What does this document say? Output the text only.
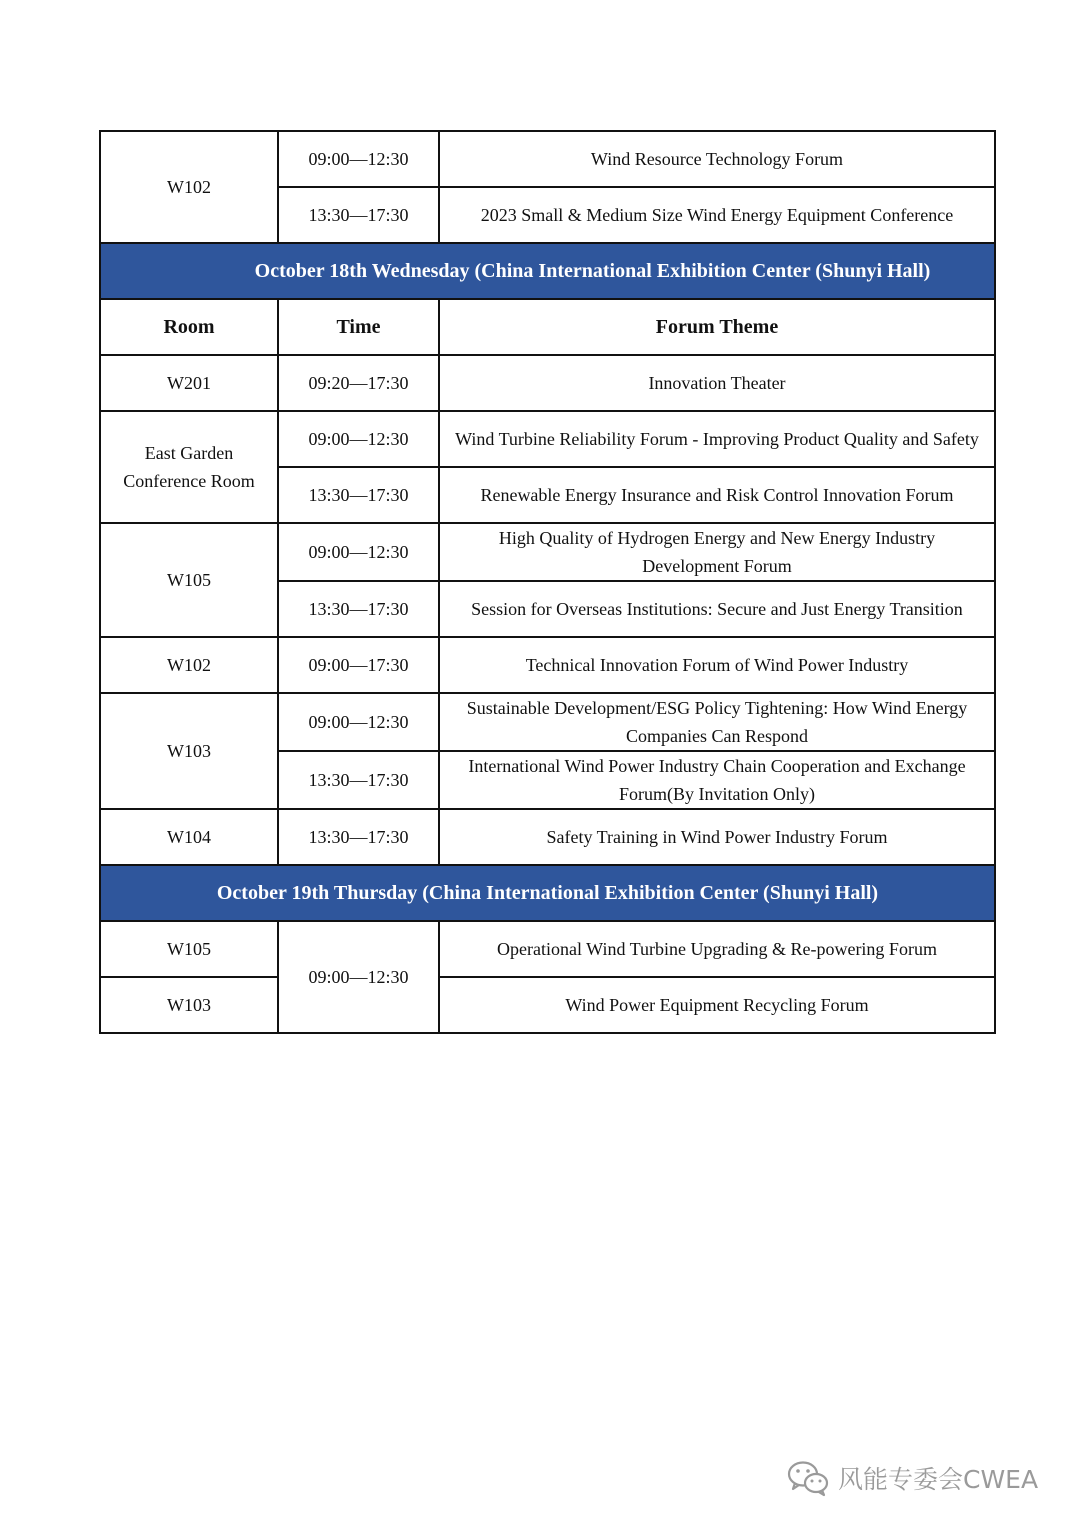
W102	09:00—12:30	Wind Resource Technology Forum
	13:30—17:30	2023 Small & Medium Size Wind Energy Equipment Conference
October 18th Wednesday (China International Exhibition Center (Shunyi Hall)		
Room	Time	Forum Theme
W201	09:20—17:30	Innovation Theater
East Garden Conference Room	09:00—12:30	Wind Turbine Reliability Forum - Improving Product Quality and Safety
	13:30—17:30	Renewable Energy Insurance and Risk Control Innovation Forum
W105	09:00—12:30	High Quality of Hydrogen Energy and New Energy Industry Development Forum
	13:30—17:30	Session for Overseas Institutions: Secure and Just Energy Transition
W102	09:00—17:30	Technical Innovation Forum of Wind Power Industry
W103	09:00—12:30	Sustainable Development/ESG Policy Tightening: How Wind Energy Companies Can Respond
	13:30—17:30	International Wind Power Industry Chain Cooperation and Exchange Forum(By Invitation Only)
W104	13:30—17:30	Safety Training in Wind Power Industry Forum
October 19th Thursday (China International Exhibition Center (Shunyi Hall)		
W105	09:00—12:30	Operational Wind Turbine Upgrading & Re-powering Forum
W103		Wind Power Equipment Recycling Forum
风能专委会CWEA
